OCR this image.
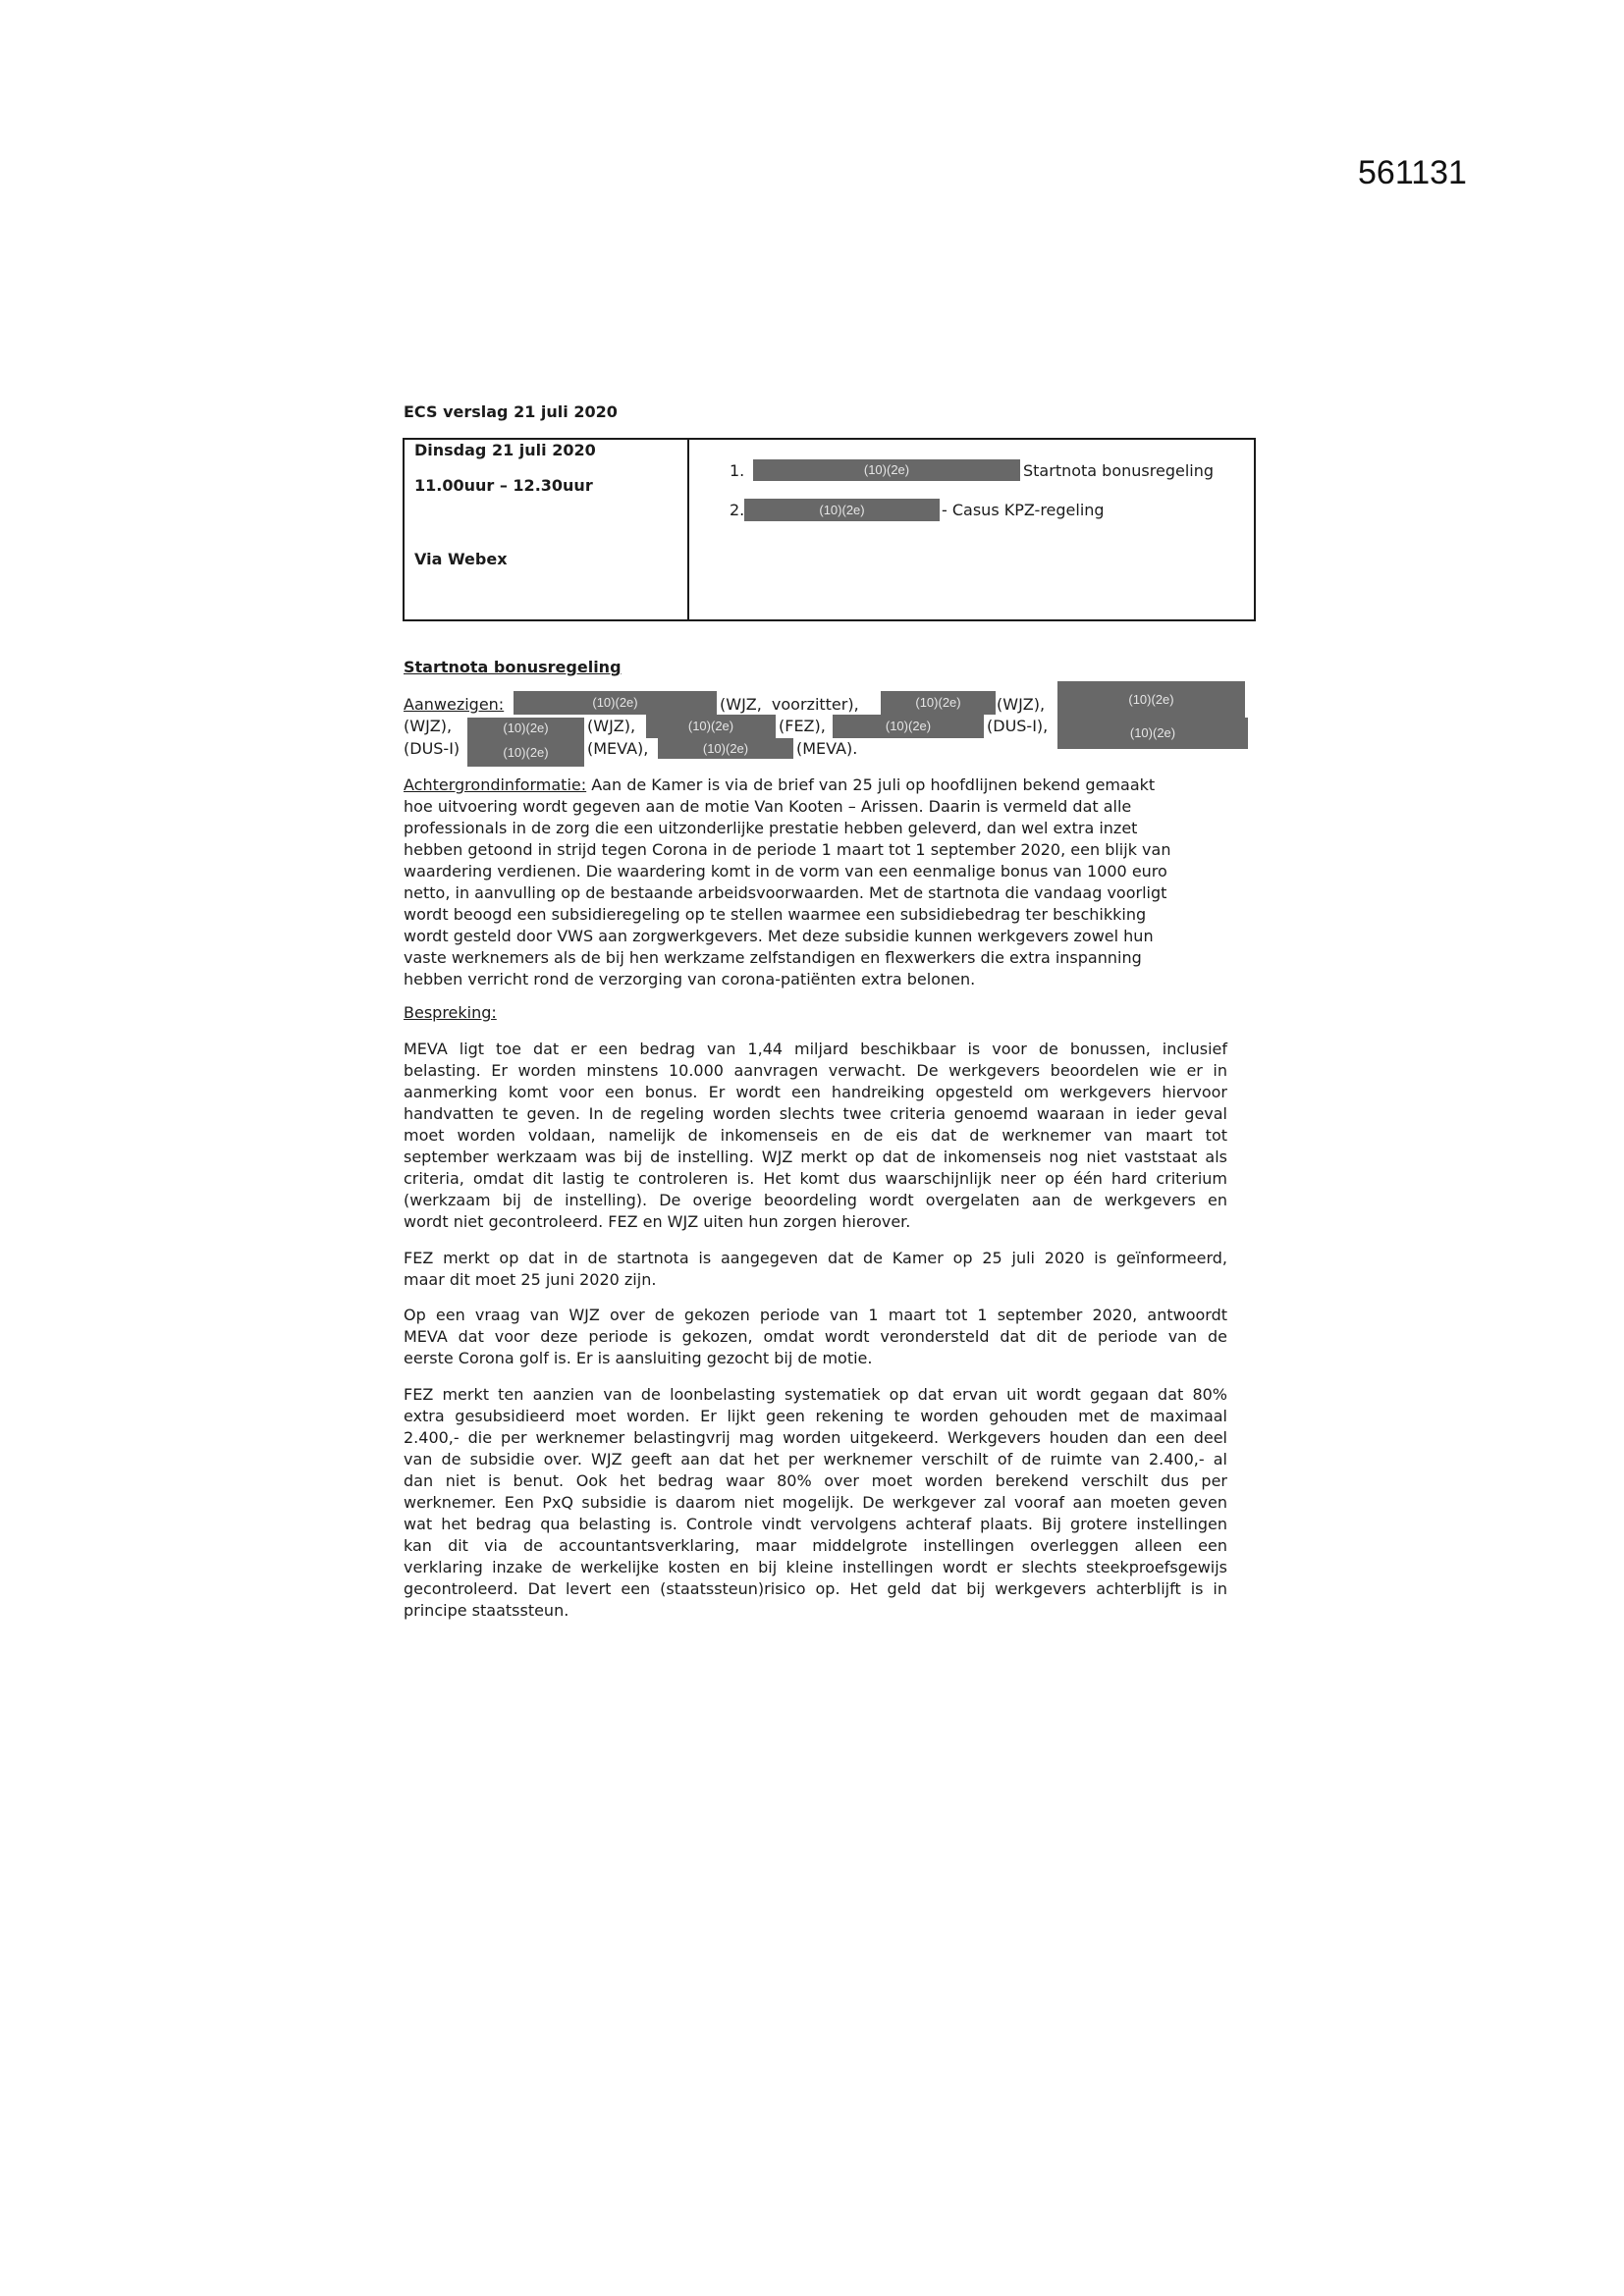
561131
ECS verslag 21 juli 2020
Dinsdag 21 juli 2020
11.00uur – 12.30uur
Via Webex
1.	(10)(2e)	Startnota bonusregeling
2.	(10)(2e)	- Casus KPZ-regeling
Startnota bonusregeling
Aanwezigen:	(10)(2e)	(WJZ, voorzitter),	(10)(2e)	(WJZ),	(10)(2e)
(WJZ),	(10)(2e)	(WJZ),	(10)(2e)	(FEZ),	(10)(2e)	(DUS-I),	(10)(2e)
(DUS-I)	(10)(2e)	(MEVA),	(10)(2e)	(MEVA).
Achtergrondinformatie: Aan de Kamer is via de brief van 25 juli op hoofdlijnen bekend gemaakt
hoe uitvoering wordt gegeven aan de motie Van Kooten – Arissen. Daarin is vermeld dat alle
professionals in de zorg die een uitzonderlijke prestatie hebben geleverd, dan wel extra inzet
hebben getoond in strijd tegen Corona in de periode 1 maart tot 1 september 2020, een blijk van
waardering verdienen. Die waardering komt in de vorm van een eenmalige bonus van 1000 euro
netto, in aanvulling op de bestaande arbeidsvoorwaarden. Met de startnota die vandaag voorligt
wordt beoogd een subsidieregeling op te stellen waarmee een subsidiebedrag ter beschikking
wordt gesteld door VWS aan zorgwerkgevers. Met deze subsidie kunnen werkgevers zowel hun
vaste werknemers als de bij hen werkzame zelfstandigen en flexwerkers die extra inspanning
hebben verricht rond de verzorging van corona-patiënten extra belonen.
Bespreking:
MEVA ligt toe dat er een bedrag van 1,44 miljard beschikbaar is voor de bonussen, inclusief
belasting. Er worden minstens 10.000 aanvragen verwacht. De werkgevers beoordelen wie er in
aanmerking komt voor een bonus. Er wordt een handreiking opgesteld om werkgevers hiervoor
handvatten te geven. In de regeling worden slechts twee criteria genoemd waaraan in ieder geval
moet worden voldaan, namelijk de inkomenseis en de eis dat de werknemer van maart tot
september werkzaam was bij de instelling. WJZ merkt op dat de inkomenseis nog niet vaststaat als
criteria, omdat dit lastig te controleren is. Het komt dus waarschijnlijk neer op één hard criterium
(werkzaam bij de instelling). De overige beoordeling wordt overgelaten aan de werkgevers en
wordt niet gecontroleerd. FEZ en WJZ uiten hun zorgen hierover.
FEZ merkt op dat in de startnota is aangegeven dat de Kamer op 25 juli 2020 is geïnformeerd,
maar dit moet 25 juni 2020 zijn.
Op een vraag van WJZ over de gekozen periode van 1 maart tot 1 september 2020, antwoordt
MEVA dat voor deze periode is gekozen, omdat wordt verondersteld dat dit de periode van de
eerste Corona golf is. Er is aansluiting gezocht bij de motie.
FEZ merkt ten aanzien van de loonbelasting systematiek op dat ervan uit wordt gegaan dat 80%
extra gesubsidieerd moet worden. Er lijkt geen rekening te worden gehouden met de maximaal
2.400,- die per werknemer belastingvrij mag worden uitgekeerd. Werkgevers houden dan een deel
van de subsidie over. WJZ geeft aan dat het per werknemer verschilt of de ruimte van 2.400,- al
dan niet is benut. Ook het bedrag waar 80% over moet worden berekend verschilt dus per
werknemer. Een PxQ subsidie is daarom niet mogelijk. De werkgever zal vooraf aan moeten geven
wat het bedrag qua belasting is. Controle vindt vervolgens achteraf plaats. Bij grotere instellingen
kan dit via de accountantsverklaring, maar middelgrote instellingen overleggen alleen een
verklaring inzake de werkelijke kosten en bij kleine instellingen wordt er slechts steekproefsgewijs
gecontroleerd. Dat levert een (staatssteun)risico op. Het geld dat bij werkgevers achterblijft is in
principe staatssteun.
